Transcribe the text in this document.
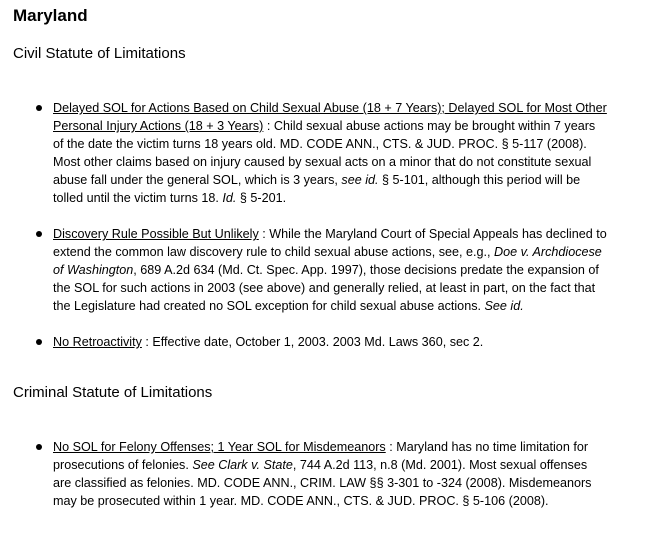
Maryland
Civil Statute of Limitations
Delayed SOL for Actions Based on Child Sexual Abuse (18 + 7 Years); Delayed SOL for Most Other
Personal Injury Actions (18 + 3 Years) : Child sexual abuse actions may be brought within 7 years
of the date the victim turns 18 years old. MD. CODE ANN., CTS. & JUD. PROC. § 5-117 (2008).
Most other claims based on injury caused by sexual acts on a minor that do not constitute sexual
abuse fall under the general SOL, which is 3 years, see id. § 5-101, although this period will be
tolled until the victim turns 18. Id. § 5-201.
Discovery Rule Possible But Unlikely : While the Maryland Court of Special Appeals has declined to
extend the common law discovery rule to child sexual abuse actions, see, e.g., Doe v. Archdiocese
of Washington, 689 A.2d 634 (Md. Ct. Spec. App. 1997), those decisions predate the expansion of
the SOL for such actions in 2003 (see above) and generally relied, at least in part, on the fact that
the Legislature had created no SOL exception for child sexual abuse actions. See id.
No Retroactivity : Effective date, October 1, 2003. 2003 Md. Laws 360, sec 2.
Criminal Statute of Limitations
No SOL for Felony Offenses; 1 Year SOL for Misdemeanors : Maryland has no time limitation for
prosecutions of felonies. See Clark v. State, 744 A.2d 113, n.8 (Md. 2001). Most sexual offenses
are classified as felonies. MD. CODE ANN., CRIM. LAW §§ 3-301 to -324 (2008). Misdemeanors
may be prosecuted within 1 year. MD. CODE ANN., CTS. & JUD. PROC. § 5-106 (2008).
